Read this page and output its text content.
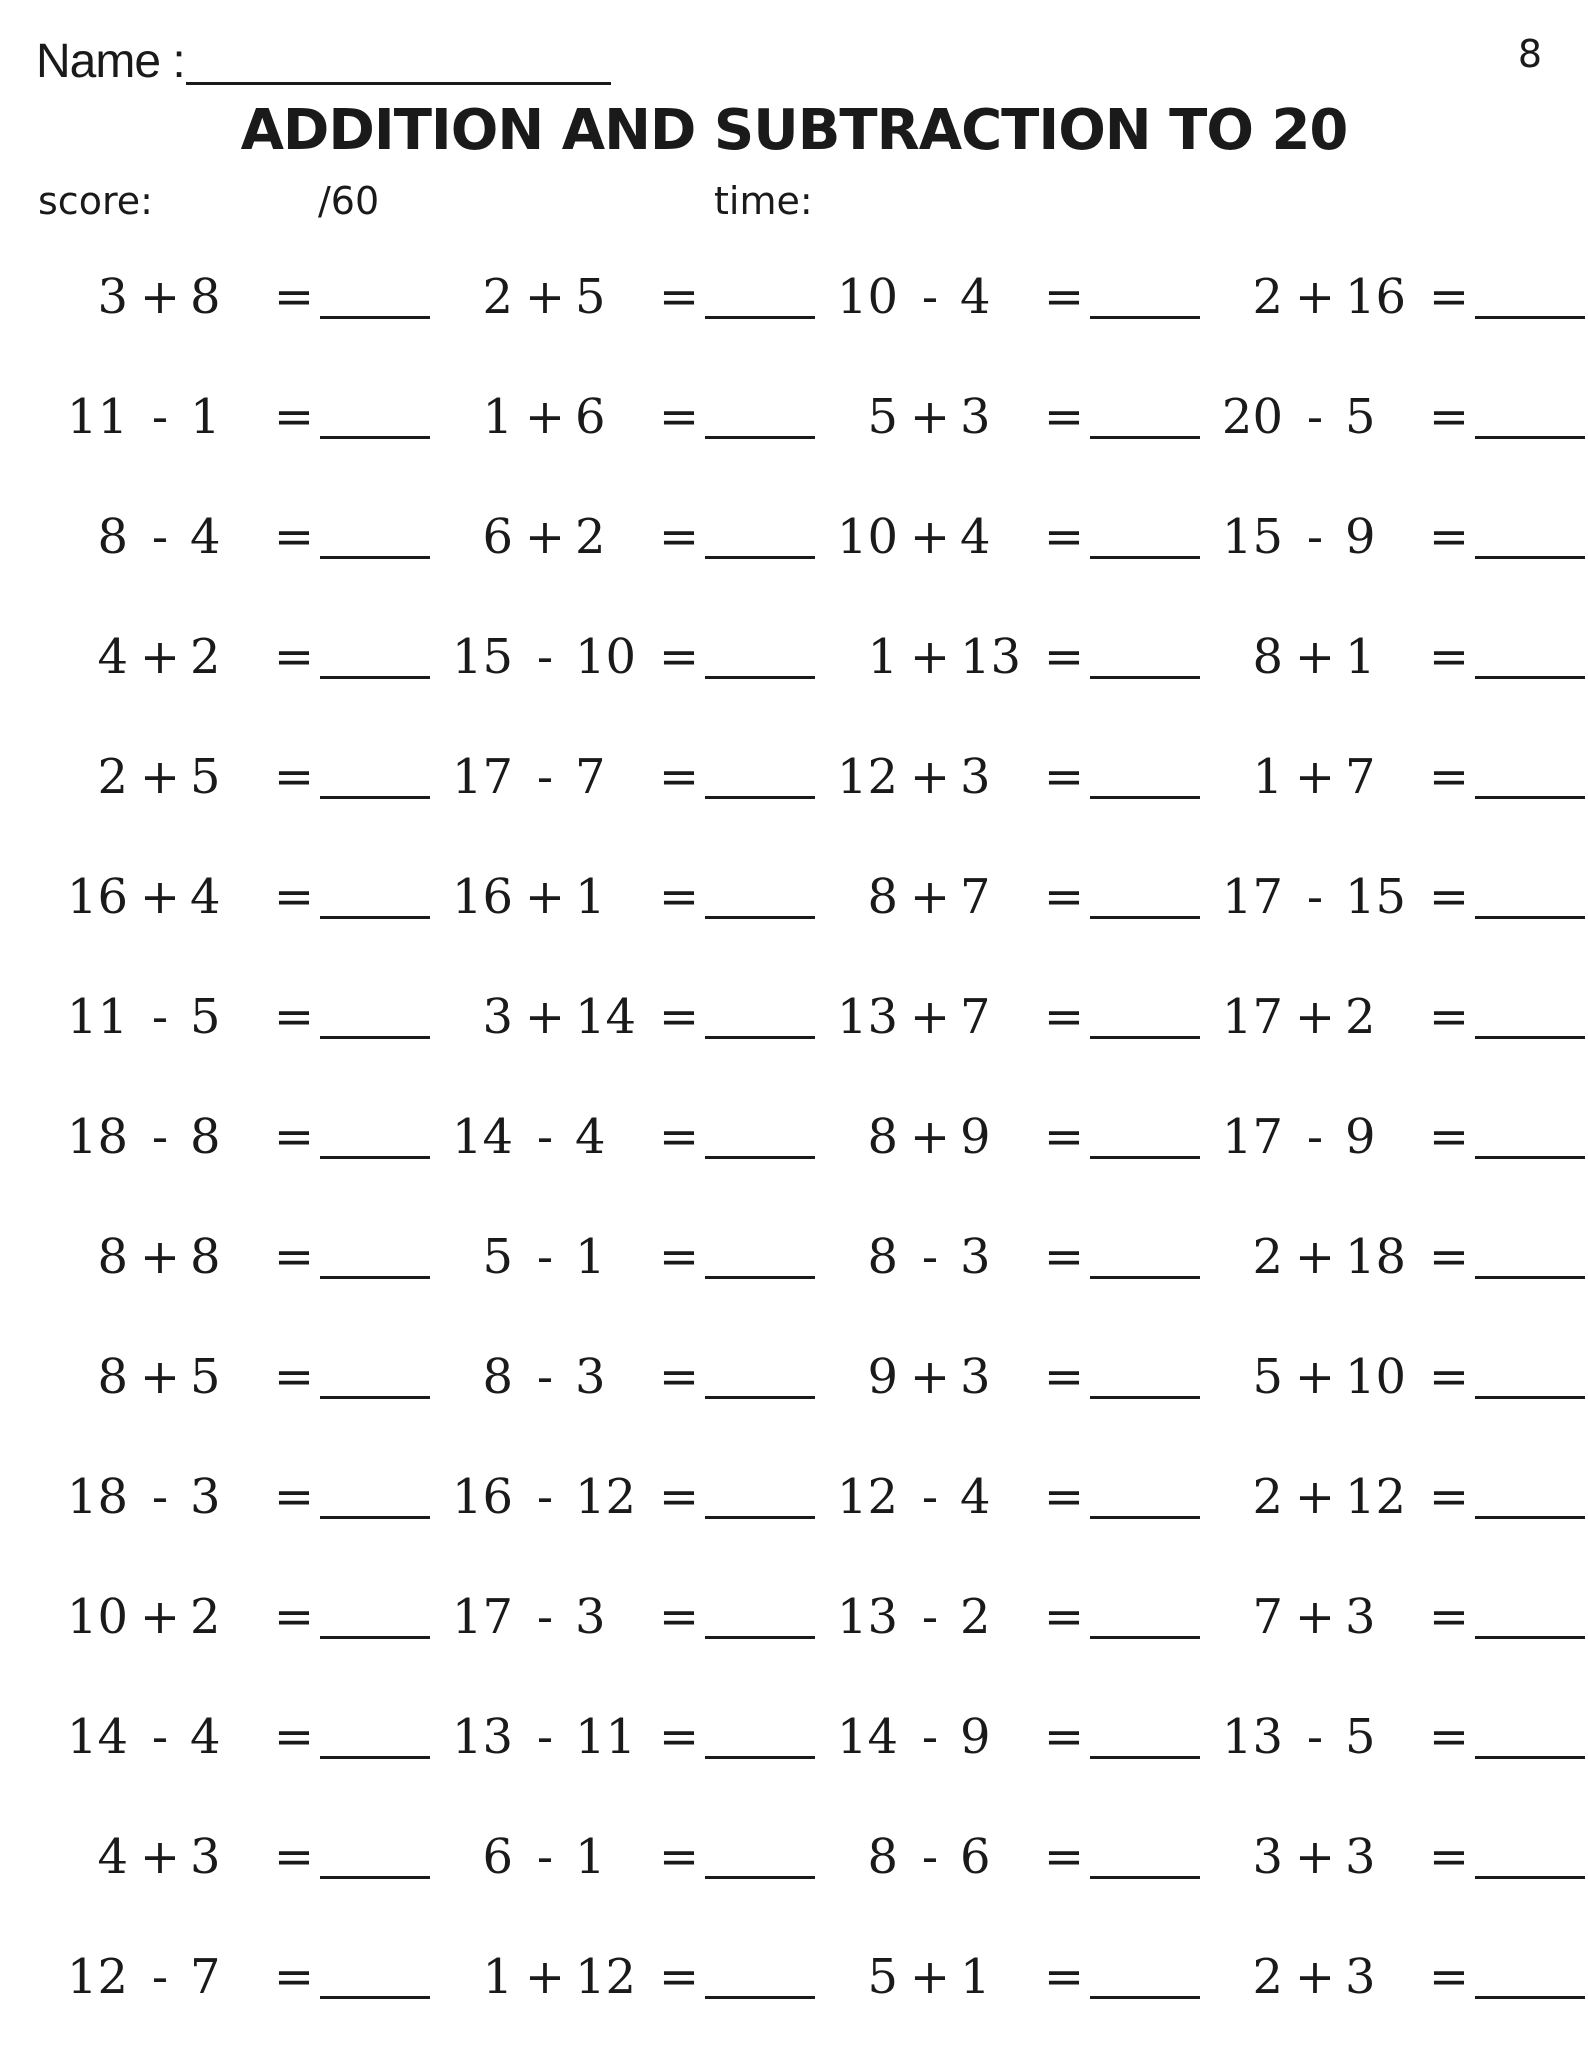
Name :	8
ADDITION AND SUBTRACTION TO 20
score:	/60	time:
3 + 8	=	2 + 5	=	10 - 4	=	2 + 16 =
11 - 1	=	1 + 6	=	5 + 3	=	20 - 5	=
8 - 4	=	6 + 2	=	10 + 4	=	15 - 9	=
4 + 2	=	15 - 10 =	1 + 13 =	8 + 1	=
2 + 5	=	17 - 7	=	12 + 3	=	1 + 7	=
16 + 4	=	16 + 1	=	8 + 7	=	17 - 15 =
11 - 5	=	3 + 14 =	13 + 7	=	17 + 2	=
18 - 8	=	14 - 4	=	8 + 9	=	17 - 9	=
8 + 8	=	5 - 1	=	8 - 3	=	2 + 18 =
8 + 5	=	8 - 3	=	9 + 3	=	5 + 10 =
18 - 3	=	16 - 12 =	12 - 4	=	2 + 12 =
10 + 2	=	17 - 3	=	13 - 2	=	7 + 3	=
14 - 4	=	13 - 11 =	14 - 9	=	13 - 5	=
4 + 3	=	6 - 1	=	8 - 6	=	3 + 3	=
12 - 7	=	1 + 12 =	5 + 1	=	2 + 3	=
